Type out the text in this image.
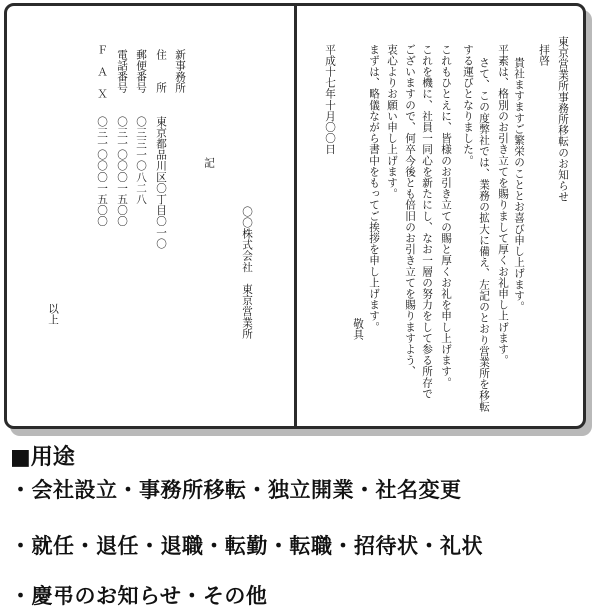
東京営業所事務所移転のお知らせ
拝啓
貴社ますますご繁栄のこととお喜び申し上げます。
平素は、格別のお引き立てを賜りまして厚くお礼申し上げます。
さて、この度弊社では、業務の拡大に備え、左記のとおり営業所を移転
する運びとなりました。
これもひとえに、皆様のお引き立ての賜と厚くお礼を申し上げます。
これを機に、社員一同心を新たにし、なお一層の努力をして参る所存で
ございますので、何卒今後とも倍旧のお引き立てを賜りますよう、
衷心よりお願い申し上げます。
まずは、略儀ながら書中をもってご挨拶を申し上げます。
敬具
平成十七年十月〇〇日
〇〇株式会社　東京営業所
記
新事務所
住　　所
東京都品川区〇丁目〇一〇
郵便番号
〇三三一〇八二八
電話番号
〇三一〇〇〇一五〇〇
Ｆ　Ａ　Ｘ
〇三一〇〇〇一五〇〇
以上
■用途
・会社設立・事務所移転・独立開業・社名変更
・就任・退任・退職・転勤・転職・招待状・礼状
・慶弔のお知らせ・その他
